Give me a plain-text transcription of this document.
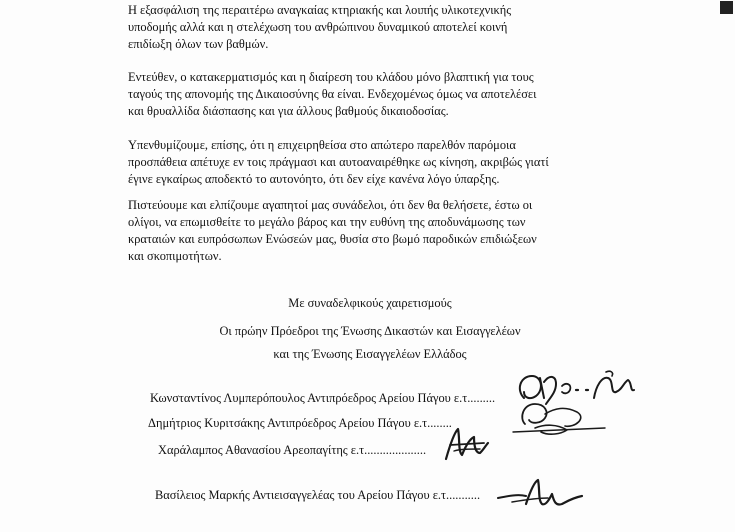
Η εξασφάλιση της περαιτέρω αναγκαίας κτηριακής και λοιπής υλικοτεχνικής
υποδομής αλλά και η στελέχωση του ανθρώπινου δυναμικού αποτελεί κοινή
επιδίωξη όλων των βαθμών.
Εντεύθεν, ο κατακερματισμός και η διαίρεση του κλάδου μόνο βλαπτική για τους
ταγούς της απονομής της Δικαιοσύνης θα είναι. Ενδεχομένως όμως να αποτελέσει
και θρυαλλίδα διάσπασης και για άλλους βαθμούς δικαιοδοσίας.
Υπενθυμίζουμε, επίσης, ότι η επιχειρηθείσα στο απώτερο παρελθόν παρόμοια
προσπάθεια απέτυχε εν τοις πράγμασι και αυτοαναιρέθηκε ως κίνηση, ακριβώς γιατί
έγινε εγκαίρως αποδεκτό το αυτονόητο, ότι δεν είχε κανένα λόγο ύπαρξης.
Πιστεύουμε και ελπίζουμε αγαπητοί μας συνάδελοι, ότι δεν θα θελήσετε, έστω οι
ολίγοι, να επωμισθείτε το μεγάλο βάρος και την ευθύνη της αποδυνάμωσης των
κραταιών και ευπρόσωπων Ενώσεών μας, θυσία στο βωμό παροδικών επιδιώξεων
και σκοπιμοτήτων.

Με συναδελφικούς χαιρετισμούς

Οι πρώην Πρόεδροι της Ένωσης Δικαστών και Εισαγγελέων

και της Ένωσης Εισαγγελέων Ελλάδος

Κωνσταντίνος Λυμπερόπουλος Αντιπρόεδρος Αρείου Πάγου ε.τ.........
Δημήτριος Κυριτσάκης Αντιπρόεδρος Αρείου Πάγου ε.τ........
Χαράλαμπος Αθανασίου Αρεοπαγίτης ε.τ....................
Βασίλειος Μαρκής Αντιεισαγγελέας του Αρείου Πάγου ε.τ...........
